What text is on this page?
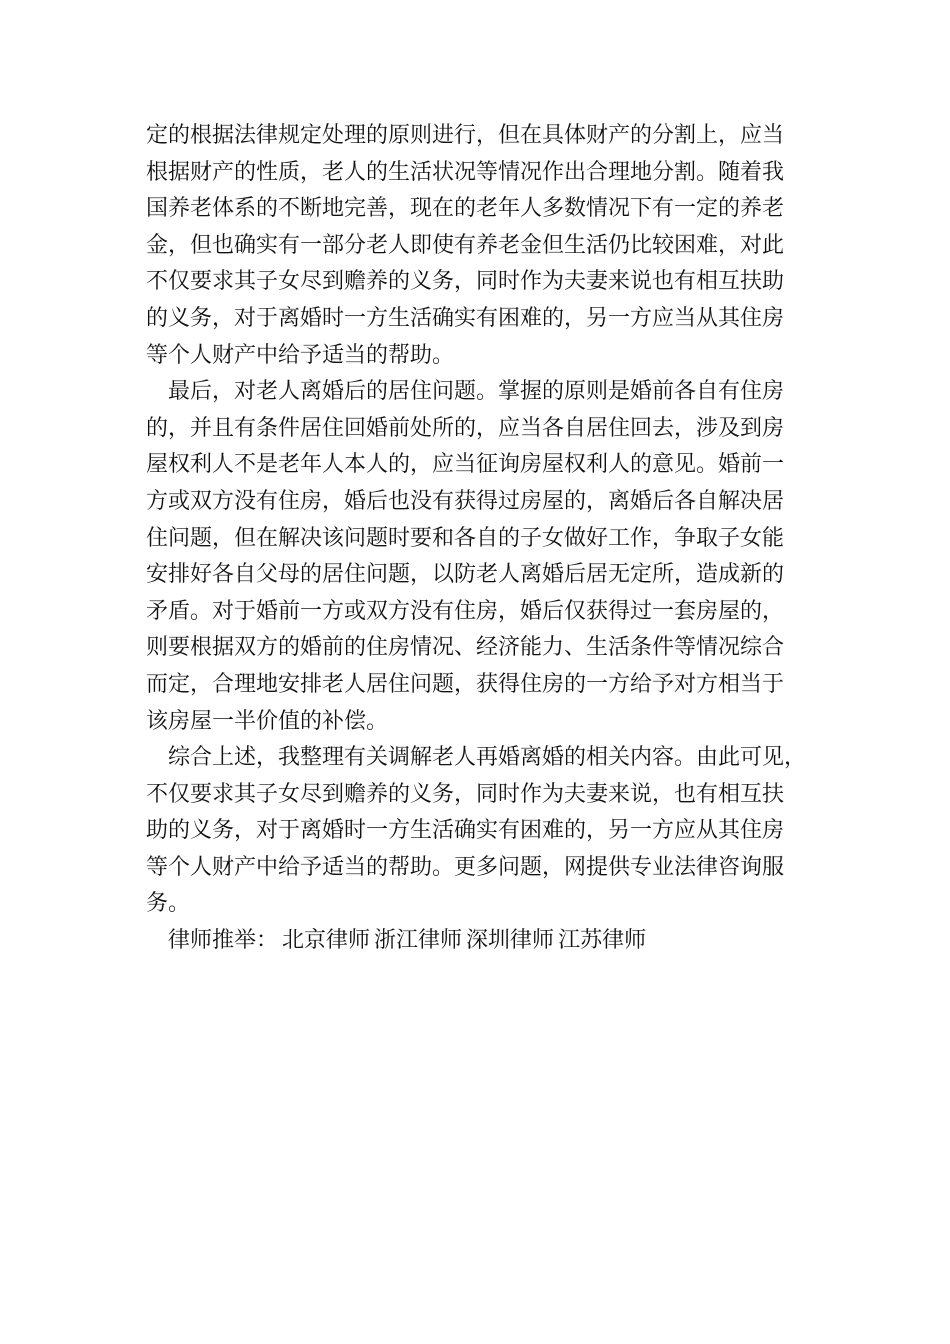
定的根据法律规定处理的原则进行，但在具体财产的分割上，应当
根据财产的性质，老人的生活状况等情况作出合理地分割。随着我
国养老体系的不断地完善，现在的老年人多数情况下有一定的养老
金，但也确实有一部分老人即使有养老金但生活仍比较困难，对此
不仅要求其子女尽到赡养的义务，同时作为夫妻来说也有相互扶助
的义务，对于离婚时一方生活确实有困难的，另一方应当从其住房
等个人财产中给予适当的帮助。
最后，对老人离婚后的居住问题。掌握的原则是婚前各自有住房
的，并且有条件居住回婚前处所的，应当各自居住回去，涉及到房
屋权利人不是老年人本人的，应当征询房屋权利人的意见。婚前一
方或双方没有住房，婚后也没有获得过房屋的，离婚后各自解决居
住问题，但在解决该问题时要和各自的子女做好工作，争取子女能
安排好各自父母的居住问题，以防老人离婚后居无定所，造成新的
矛盾。对于婚前一方或双方没有住房，婚后仅获得过一套房屋的，
则要根据双方的婚前的住房情况、经济能力、生活条件等情况综合
而定，合理地安排老人居住问题，获得住房的一方给予对方相当于
该房屋一半价值的补偿。
综合上述，我整理有关调解老人再婚离婚的相关内容。由此可见，
不仅要求其子女尽到赡养的义务，同时作为夫妻来说，也有相互扶
助的义务，对于离婚时一方生活确实有困难的，另一方应从其住房
等个人财产中给予适当的帮助。更多问题，网提供专业法律咨询服
务。
律师推举： 北京律师 浙江律师 深圳律师 江苏律师
